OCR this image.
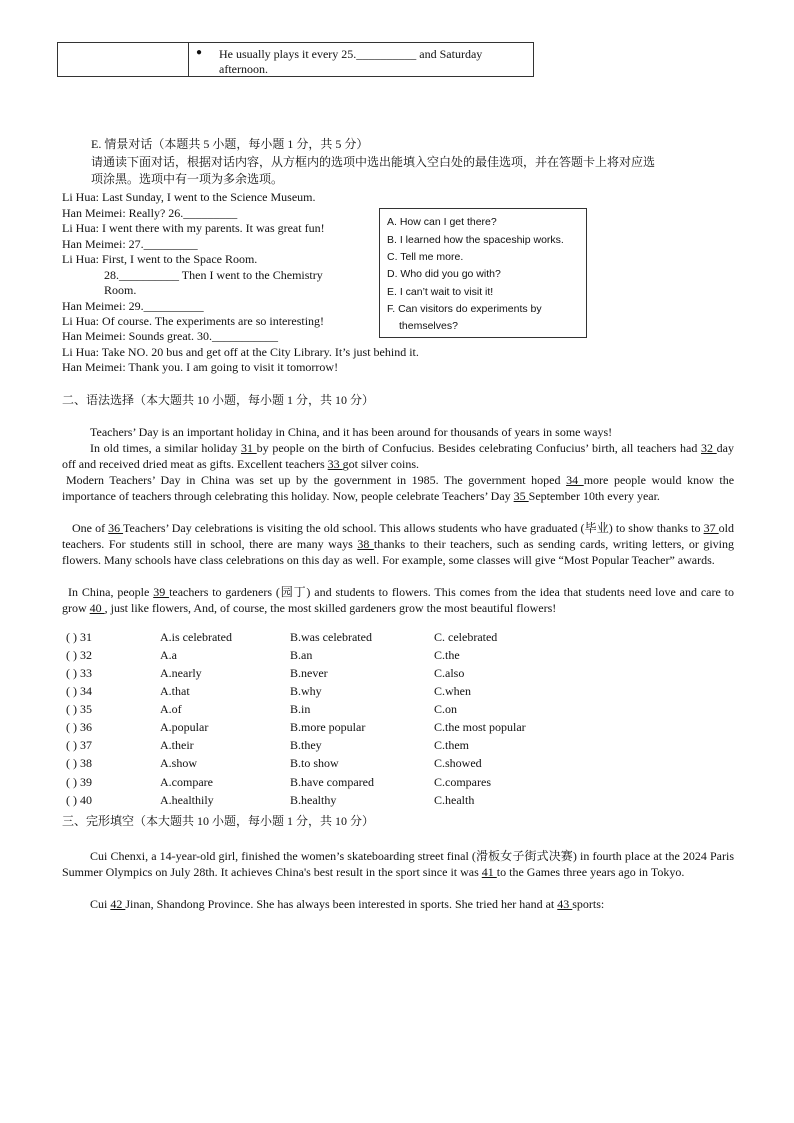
● He usually plays it every 25.__________ and Saturday
afternoon.
E. 情景对话（本题共 5 小题，每小题 1 分，共 5 分）
请通读下面对话，根据对话内容，从方框内的选项中选出能填入空白处的最佳选项，并在答题卡上将对应选
项涂黑。选项中有一项为多余选项。
Li Hua: Last Sunday, I went to the Science Museum.
Han Meimei: Really? 26._________
Li Hua: I went there with my parents. It was great fun!
Han Meimei: 27._________
Li Hua: First, I went to the Space Room.
28.__________ Then I went to the Chemistry
Room.
Han Meimei: 29.__________
Li Hua: Of course. The experiments are so interesting!
Han Meimei: Sounds great. 30.___________
Li Hua: Take NO. 20 bus and get off at the City Library. It’s just behind it.
Han Meimei: Thank you. I am going to visit it tomorrow!
A. How can I get there?
B. I learned how the spaceship works.
C. Tell me more.
D. Who did you go with?
E. I can’t wait to visit it!
F. Can visitors do experiments by
themselves?
二、语法选择（本大题共 10 小题，每小题 1 分，共 10 分）
Teachers’ Day is an important holiday in China, and it has been around for thousands of years in some ways!
In old times, a similar holiday 31 by people on the birth of Confucius. Besides celebrating Confucius’ birth, all teachers had 32 day off and received dried meat as gifts. Excellent teachers 33 got silver coins.
Modern Teachers’ Day in China was set up by the government in 1985. The government hoped 34 more people would know the importance of teachers through celebrating this holiday. Now, people celebrate Teachers’ Day 35 September 10th every year.
One of 36 Teachers’ Day celebrations is visiting the old school. This allows students who have graduated (毕业) to show thanks to 37 old teachers. For students still in school, there are many ways 38 thanks to their teachers, such as sending cards, writing letters, or giving flowers. Many schools have class celebrations on this day as well. For example, some classes will give “Most Popular Teacher” awards.
In China, people 39 teachers to gardeners (园丁) and students to flowers. This comes from the idea that students need love and care to grow 40 , just like flowers, And, of course, the most skilled gardeners grow the most beautiful flowers!
( ) 31	A.is celebrated	B.was celebrated	C. celebrated
( ) 32	A.a	B.an	C.the
( ) 33	A.nearly	B.never	C.also
( ) 34	A.that	B.why	C.when
( ) 35	A.of	B.in	C.on
( ) 36	A.popular	B.more popular	C.the most popular
( ) 37	A.their	B.they	C.them
( ) 38	A.show	B.to show	C.showed
( ) 39	A.compare	B.have compared	C.compares
( ) 40	A.healthily	B.healthy	C.health
三、完形填空（本大题共 10 小题，每小题 1 分，共 10 分）
Cui Chenxi, a 14-year-old girl, finished the women’s skateboarding street final (滑板女子街式决赛) in fourth place at the 2024 Paris Summer Olympics on July 28th. It achieves China's best result in the sport since it was 41 to the Games three years ago in Tokyo.
Cui 42 Jinan, Shandong Province. She has always been interested in sports. She tried her hand at 43 sports:
